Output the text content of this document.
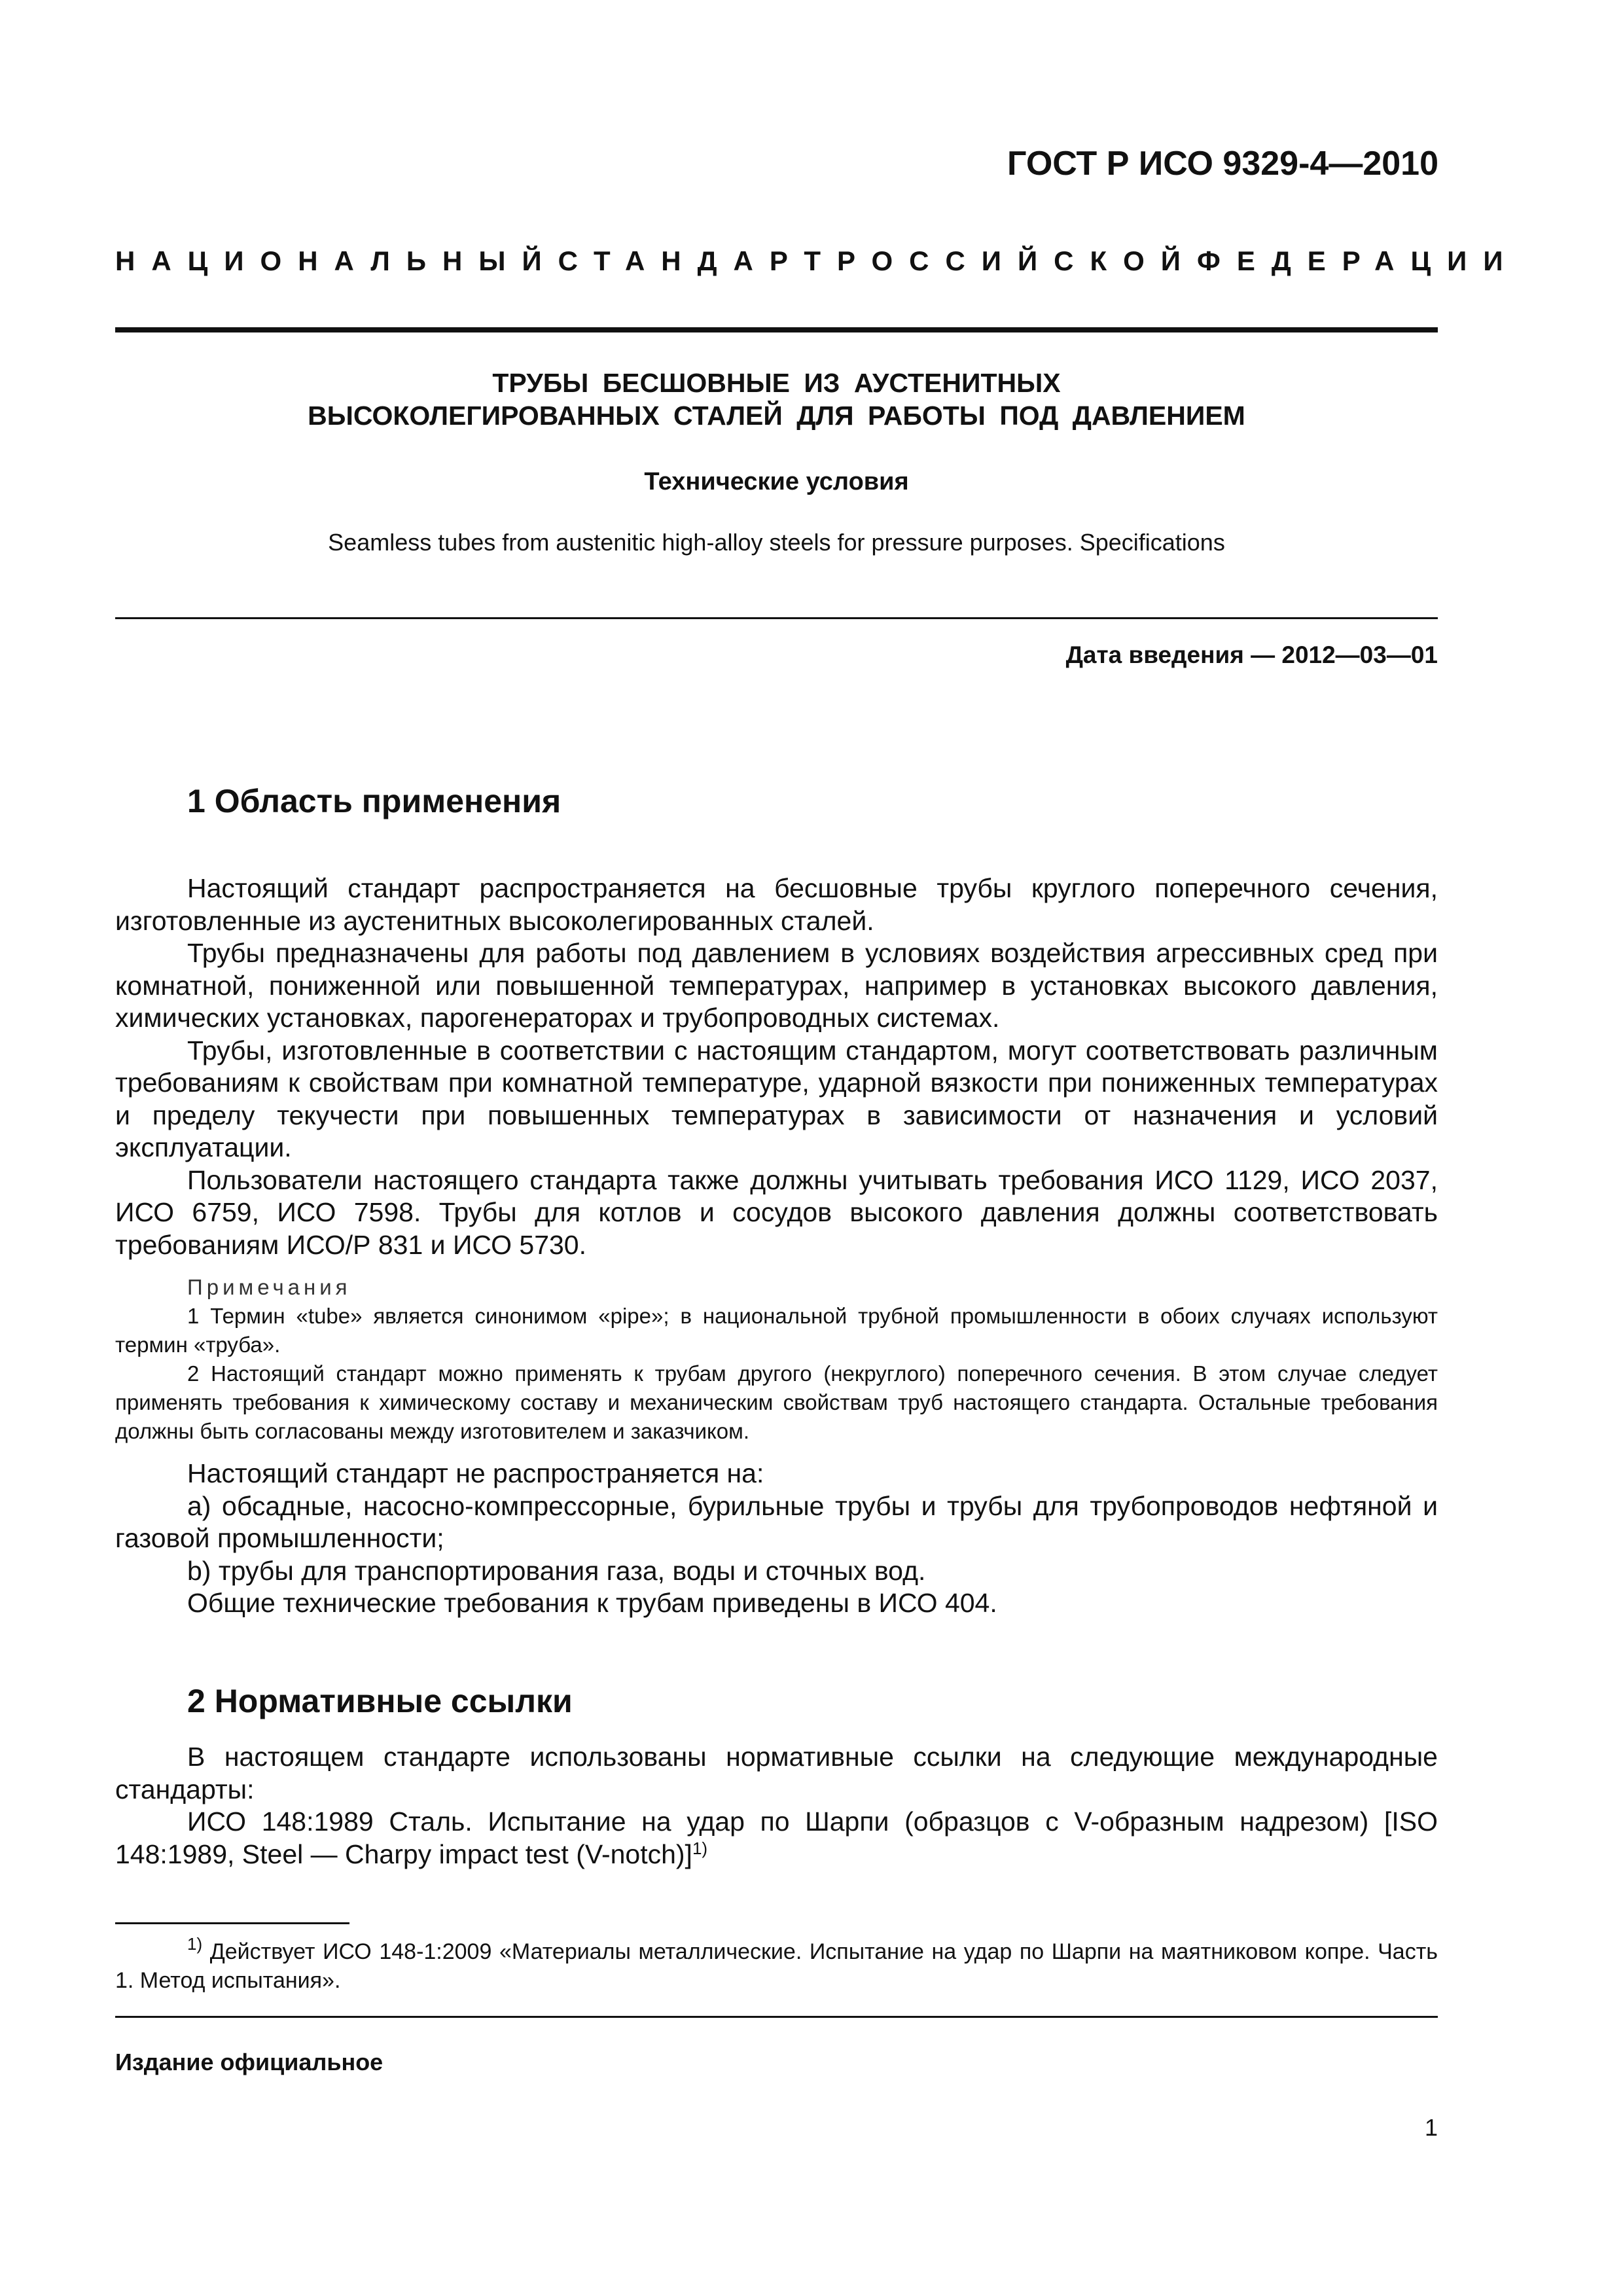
ГОСТ Р ИСО 9329-4—2010
НАЦИОНАЛЬНЫЙ СТАНДАРТ РОССИЙСКОЙ ФЕДЕРАЦИИ
ТРУБЫ БЕСШОВНЫЕ ИЗ АУСТЕНИТНЫХ
ВЫСОКОЛЕГИРОВАННЫХ СТАЛЕЙ ДЛЯ РАБОТЫ ПОД ДАВЛЕНИЕМ
Технические условия
Seamless tubes from austenitic high-alloy steels for pressure purposes. Specifications
Дата введения — 2012—03—01
1 Область применения

Настоящий стандарт распространяется на бесшовные трубы круглого поперечного сечения, изготовленные из аустенитных высоколегированных сталей.

Трубы предназначены для работы под давлением в условиях воздействия агрессивных сред при комнатной, пониженной или повышенной температурах, например в установках высокого давления, химических установках, парогенераторах и трубопроводных системах.

Трубы, изготовленные в соответствии с настоящим стандартом, могут соответствовать различным требованиям к свойствам при комнатной температуре, ударной вязкости при пониженных температурах и пределу текучести при повышенных температурах в зависимости от назначения и условий эксплуатации.

Пользователи настоящего стандарта также должны учитывать требования ИСО 1129, ИСО 2037, ИСО 6759, ИСО 7598. Трубы для котлов и сосудов высокого давления должны соответствовать требованиям ИСО/Р 831 и ИСО 5730.

Примечания

1 Термин «tube» является синонимом «pipe»; в национальной трубной промышленности в обоих случаях используют термин «труба».

2 Настоящий стандарт можно применять к трубам другого (некруглого) поперечного сечения. В этом случае следует применять требования к химическому составу и механическим свойствам труб настоящего стандарта. Остальные требования должны быть согласованы между изготовителем и заказчиком.

Настоящий стандарт не распространяется на:

a) обсадные, насосно-компрессорные, бурильные трубы и трубы для трубопроводов нефтяной и газовой промышленности;

b) трубы для транспортирования газа, воды и сточных вод.

Общие технические требования к трубам приведены в ИСО 404.

2 Нормативные ссылки

В настоящем стандарте использованы нормативные ссылки на следующие международные стандарты:

ИСО 148:1989 Сталь. Испытание на удар по Шарпи (образцов с V-образным надрезом) [ISO 148:1989, Steel — Charpy impact test (V-notch)]$^{1)}$

$^{1)}$ Действует ИСО 148-1:2009 «Материалы металлические. Испытание на удар по Шарпи на маятниковом копре. Часть 1. Метод испытания».

Издание официальное
1
